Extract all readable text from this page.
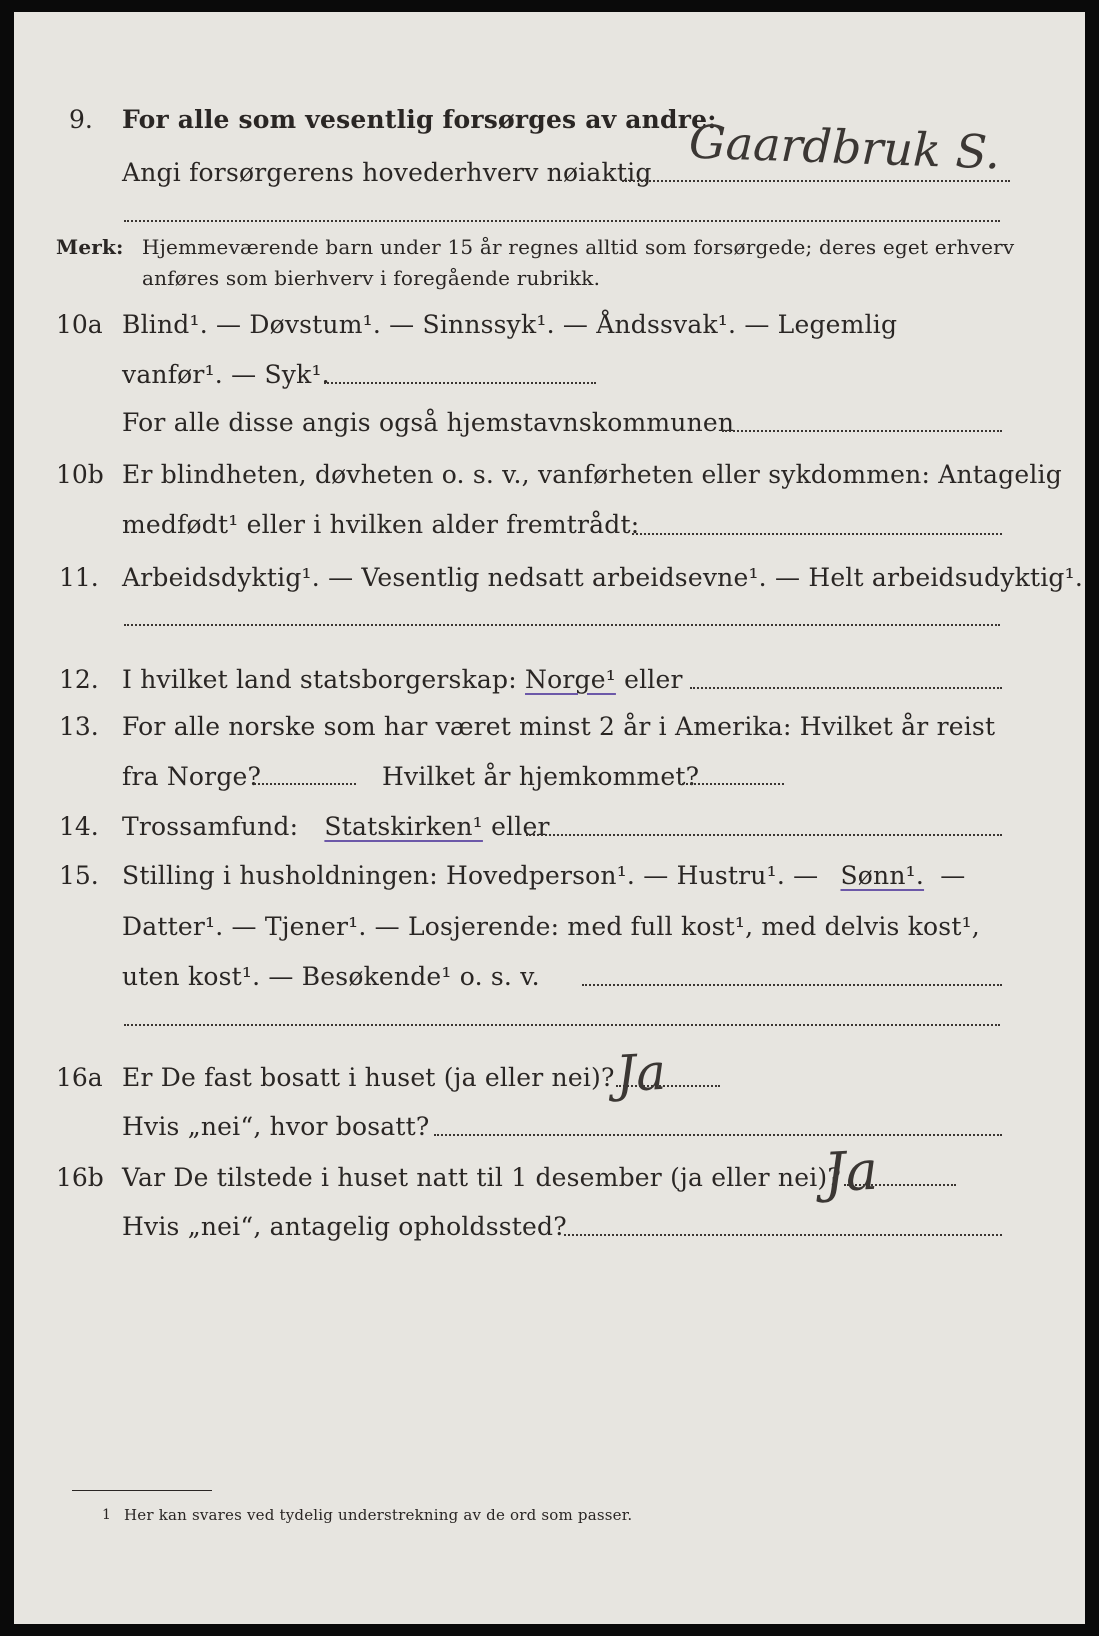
9. For alle som vesentlig forsørges av andre:
Angi forsørgerens hovederhverv nøiaktig Gaardbruk S.
Merk: Hjemmeværende barn under 15 år regnes alltid som forsørgede; deres eget erhverv
anføres som bierhverv i foregående rubrikk.
10a Blind¹. — Døvstum¹. — Sinnssyk¹. — Åndssvak¹. — Legemlig
vanfør¹. — Syk¹.
For alle disse angis også hjemstavnskommunen
10b Er blindheten, døvheten o. s. v., vanførheten eller sykdommen: Antagelig
medfødt¹ eller i hvilken alder fremtrådt:
11. Arbeidsdyktig¹. — Vesentlig nedsatt arbeidsevne¹. — Helt arbeidsudyktig¹.
12. I hvilket land statsborgerskap: Norge¹ eller
13. For alle norske som har været minst 2 år i Amerika: Hvilket år reist
fra Norge?	Hvilket år hjemkommet?
14. Trossamfund: Statskirken¹ eller
15. Stilling i husholdningen: Hovedperson¹. — Hustru¹. — Sønn¹. —
Datter¹. — Tjener¹. — Losjerende: med full kost¹, med delvis kost¹,
uten kost¹. — Besøkende¹ o. s. v.
16a Er De fast bosatt i huset (ja eller nei)? Ja
Hvis „nei“, hvor bosatt?
16b Var De tilstede i huset natt til 1 desember (ja eller nei)?
Ja
Hvis „nei“, antagelig opholdssted?
1 Her kan svares ved tydelig understrekning av de ord som passer.
